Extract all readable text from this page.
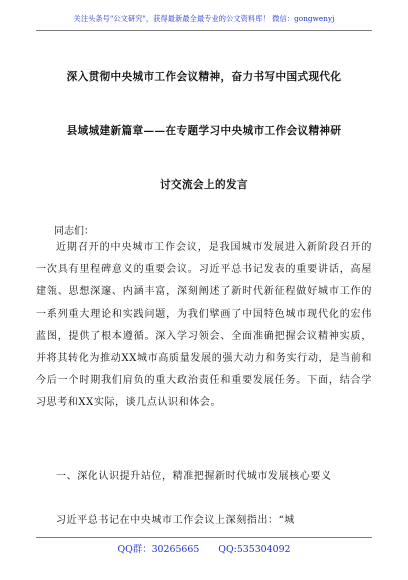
关注头条号"公文研究"，获得最新最全最专业的公文资料库！ 微信：gongwenyj
深入贯彻中央城市工作会议精神，奋力书写中国式现代化
县域城建新篇章——在专题学习中央城市工作会议精神研
讨交流会上的发言
同志们：

近期召开的中央城市工作会议，是我国城市发展进入新阶段召开的一次具有里程碑意义的重要会议。习近平总书记发表的重要讲话，高屋建瓴、思想深邃、内涵丰富，深刻阐述了新时代新征程做好城市工作的一系列重大理论和实践问题，为我们擘画了中国特色城市现代化的宏伟蓝图，提供了根本遵循。深入学习领会、全面准确把握会议精神实质，并将其转化为推动XX城市高质量发展的强大动力和务实行动，是当前和今后一个时期我们肩负的重大政治责任和重要发展任务。下面，结合学习思考和XX实际，谈几点认识和体会。

一、深化认识提升站位，精准把握新时代城市发展核心要义

习近平总书记在中央城市工作会议上深刻指出：“城

QQ群：30265665 QQ:535304092
